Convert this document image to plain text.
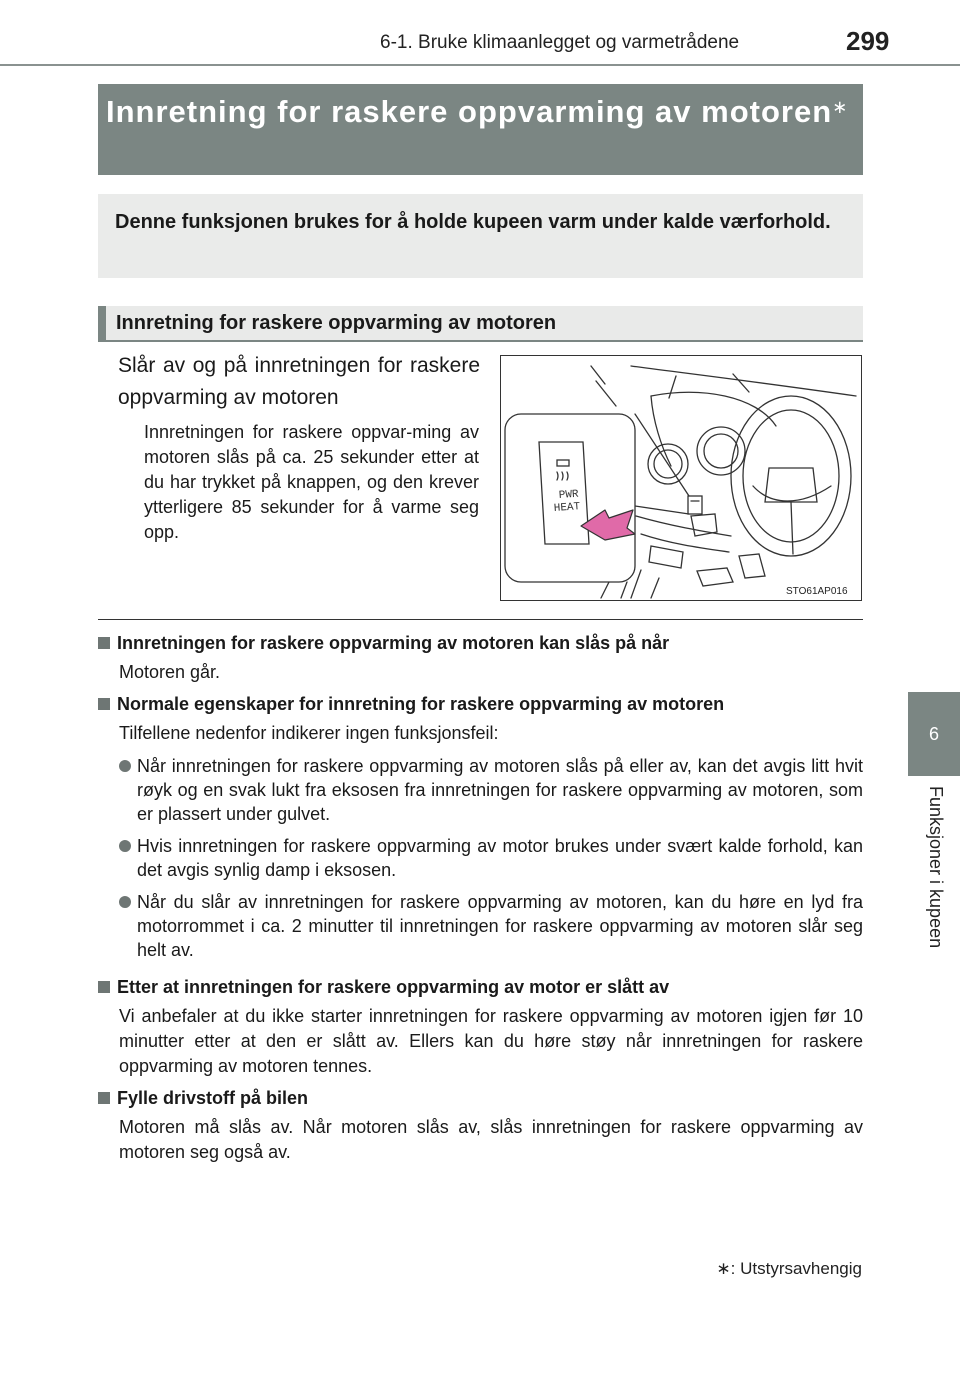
6-1. Bruke klimaanlegget og varmetrådene	299
6
Funksjoner i kupeen
Innretning for raskere oppvarming av motoren∗
Denne funksjonen brukes for å holde kupeen varm under kalde værforhold.
Innretning for raskere oppvarming av motoren
Slår av og på innretningen for raskere oppvarming av motoren
Innretningen for raskere oppvar-ming av motoren slås på ca. 25 sekunder etter at du har trykket på knappen, og den krever ytterligere 85 sekunder for å varme seg opp.
PWR
HEAT
STO61AP016
Innretningen for raskere oppvarming av motoren kan slås på når
Motoren går.
Normale egenskaper for innretning for raskere oppvarming av motoren
Tilfellene nedenfor indikerer ingen funksjonsfeil:
Når innretningen for raskere oppvarming av motoren slås på eller av, kan det avgis litt hvit røyk og en svak lukt fra eksosen fra innretningen for raskere oppvarming av motoren, som er plassert under gulvet.
Hvis innretningen for raskere oppvarming av motor brukes under svært kalde forhold, kan det avgis synlig damp i eksosen.
Når du slår av innretningen for raskere oppvarming av motoren, kan du høre en lyd fra motorrommet i ca. 2 minutter til innretningen for raskere oppvarming av motoren slår seg helt av.
Etter at innretningen for raskere oppvarming av motor er slått av
Vi anbefaler at du ikke starter innretningen for raskere oppvarming av motoren igjen før 10 minutter etter at den er slått av. Ellers kan du høre støy når innretningen for raskere oppvarming av motoren tennes.
Fylle drivstoff på bilen
Motoren må slås av. Når motoren slås av, slås innretningen for raskere oppvarming av motoren seg også av.
∗: Utstyrsavhengig
